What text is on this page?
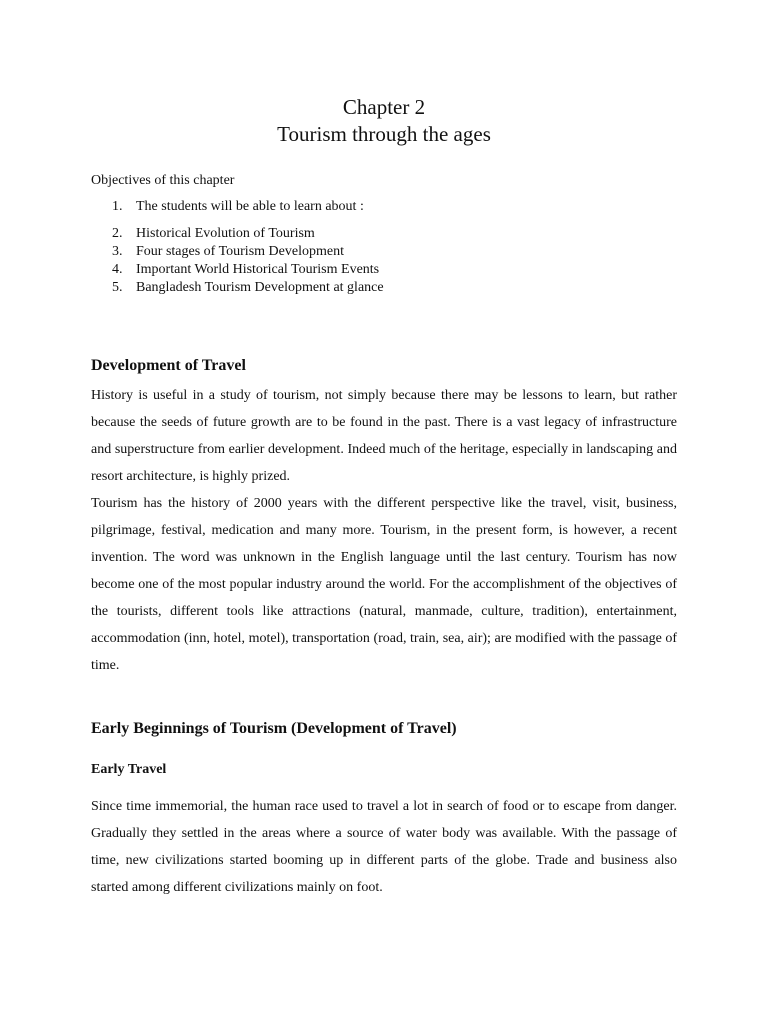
Chapter 2
Tourism through the ages

Objectives of this chapter

1. The students will be able to learn about :
2. Historical Evolution of Tourism
3. Four stages of Tourism Development
4. Important World Historical Tourism Events
5. Bangladesh Tourism Development at glance
Development of Travel

History is useful in a study of tourism, not simply because there may be lessons to learn, but rather because the seeds of future growth are to be found in the past. There is a vast legacy of infrastructure and superstructure from earlier development. Indeed much of the heritage, especially in landscaping and resort architecture, is highly prized.

Tourism has the history of 2000 years with the different perspective like the travel, visit, business, pilgrimage, festival, medication and many more. Tourism, in the present form, is however, a recent invention. The word was unknown in the English language until the last century. Tourism has now become one of the most popular industry around the world. For the accomplishment of the objectives of the tourists, different tools like attractions (natural, manmade, culture, tradition), entertainment, accommodation (inn, hotel, motel), transportation (road, train, sea, air); are modified with the passage of time.

Early Beginnings of Tourism (Development of Travel)
Early Travel

Since time immemorial, the human race used to travel a lot in search of food or to escape from danger. Gradually they settled in the areas where a source of water body was available. With the passage of time, new civilizations started booming up in different parts of the globe. Trade and business also started among different civilizations mainly on foot.
